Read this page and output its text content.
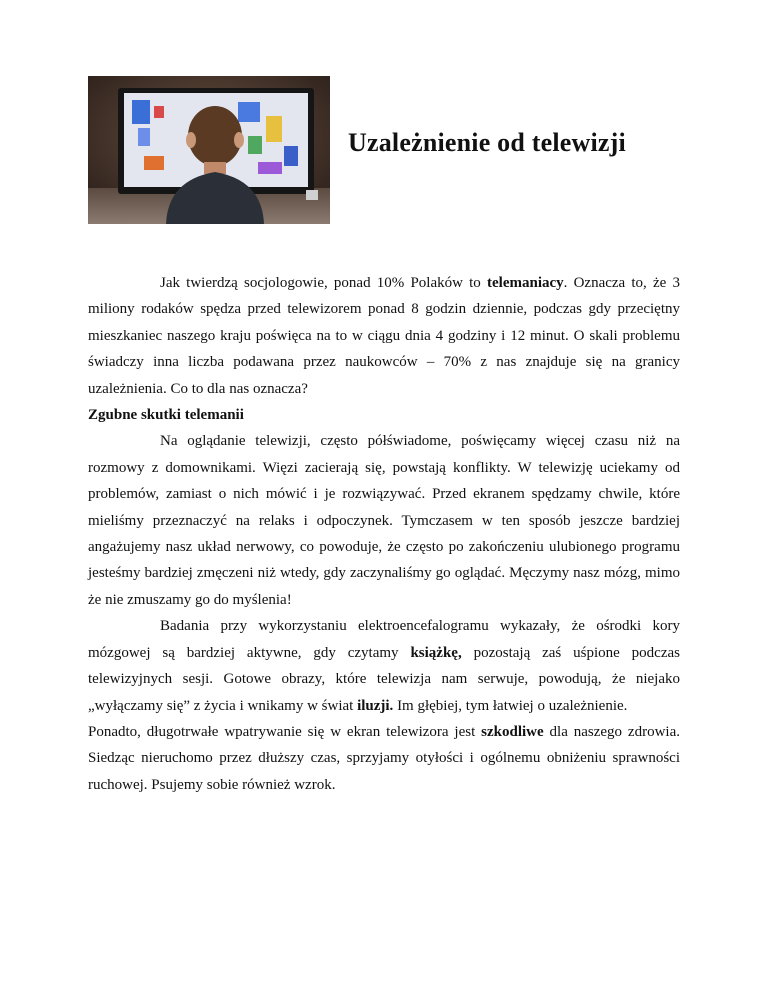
Uzależnienie od telewizji

Jak twierdzą socjologowie, ponad 10% Polaków to telemaniacy. Oznacza to, że 3 miliony rodaków spędza przed telewizorem ponad 8 godzin dziennie, podczas gdy przeciętny mieszkaniec naszego kraju poświęca na to w ciągu dnia 4 godziny i 12 minut. O skali problemu świadczy inna liczba podawana przez naukowców – 70% z nas znajduje się na granicy uzależnienia. Co to dla nas oznacza?

Zgubne skutki telemanii

Na oglądanie telewizji, często półświadome, poświęcamy więcej czasu niż na rozmowy z domownikami. Więzi zacierają się, powstają konflikty. W telewizję uciekamy od problemów, zamiast o nich mówić i je rozwiązywać. Przed ekranem spędzamy chwile, które mieliśmy przeznaczyć na relaks i odpoczynek. Tymczasem w ten sposób jeszcze bardziej angażujemy nasz układ nerwowy, co powoduje, że często po zakończeniu ulubionego programu jesteśmy bardziej zmęczeni niż wtedy, gdy zaczynaliśmy go oglądać. Męczymy nasz mózg, mimo że nie zmuszamy go do myślenia!

Badania przy wykorzystaniu elektroencefalogramu wykazały, że ośrodki kory mózgowej są bardziej aktywne, gdy czytamy książkę, pozostają zaś uśpione podczas telewizyjnych sesji. Gotowe obrazy, które telewizja nam serwuje, powodują, że niejako „wyłączamy się” z życia i wnikamy w świat iluzji. Im głębiej, tym łatwiej o uzależnienie.

Ponadto, długotrwałe wpatrywanie się w ekran telewizora jest szkodliwe dla naszego zdrowia. Siedząc nieruchomo przez dłuższy czas, sprzyjamy otyłości i ogólnemu obniżeniu sprawności ruchowej. Psujemy sobie również wzrok.
